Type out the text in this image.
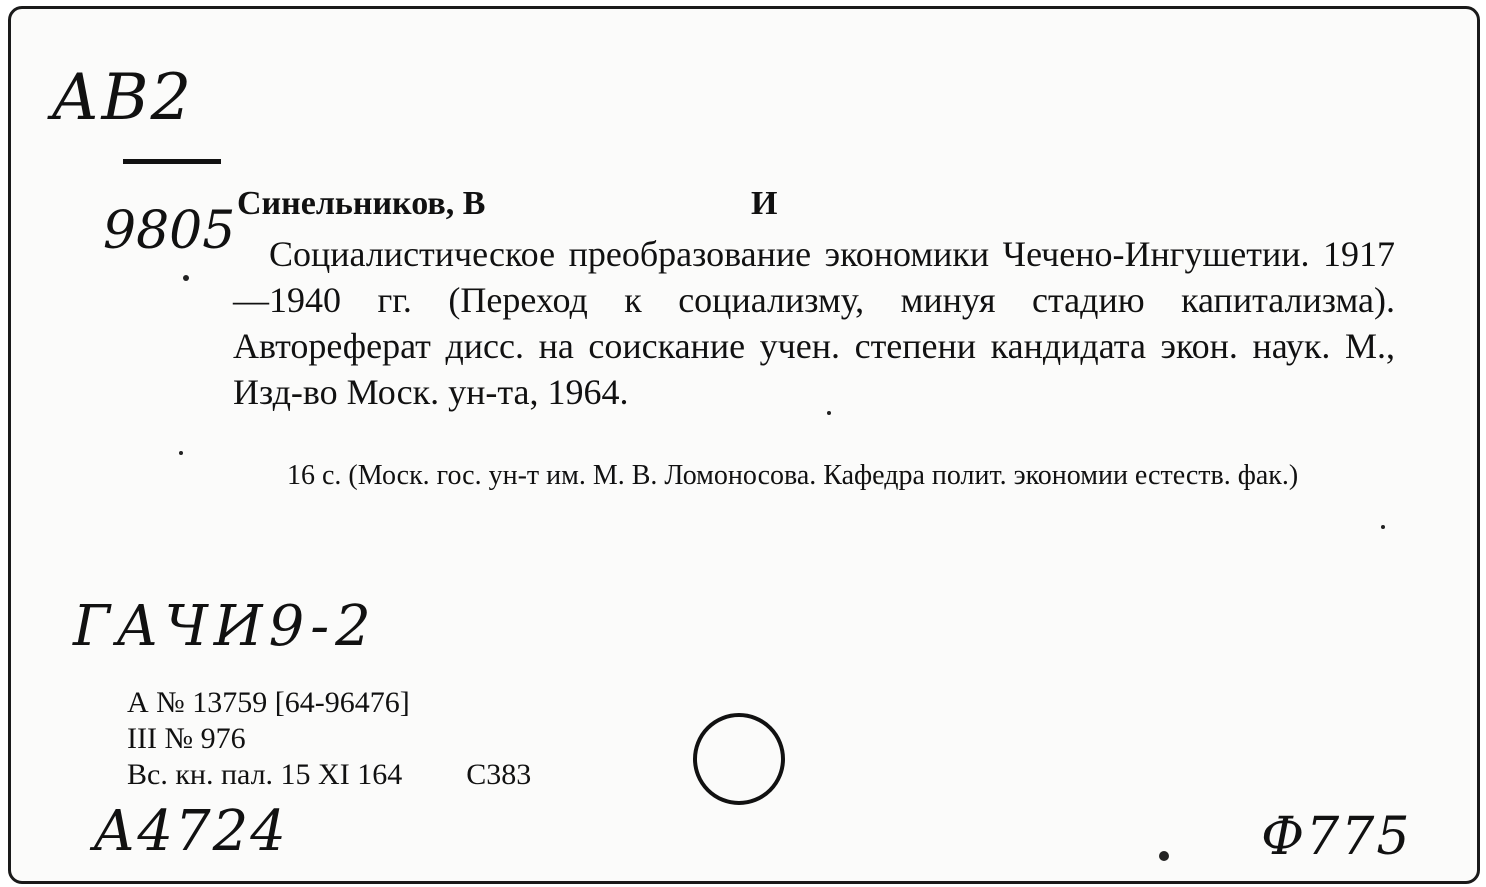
АВ2
9805 Синельников, В	И
Социалистическое преобразование экономики Чечено-Ингушетии. 1917—1940 гг. (Переход к социализму, минуя стадию капитализма). Автореферат дисс. на соискание учен. степени кандидата экон. наук. М., Изд-во Моск. ун-та, 1964.
16 с. (Моск. гос. ун-т им. М. В. Ломоносова. Кафедра полит. экономии естеств. фак.)
ГАЧИ9-2
А № 13759 [64-96476]
III № 976
Вс. кн. пал. 15 XI 164 С383
А4724	Ф775
